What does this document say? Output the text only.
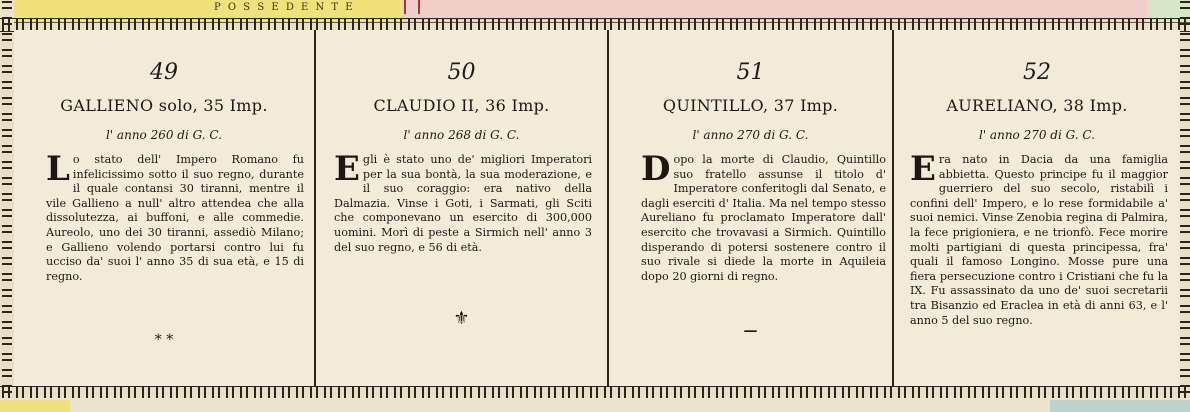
P O S S E D E N T E
49
GALLIENO solo, 35 Imp.
l' anno 260 di G. C.

Lo stato dell' Impero Romano fu infelicissimo sotto il suo regno, durante il quale contansi 30 tiranni, mentre il vile Gallieno a null' altro attendea che alla dissolutezza, ai buffoni, e alle commedie. Aureolo, uno dei 30 tiranni, assediò Milano; e Gallieno volendo portarsi contro lui fu ucciso da' suoi l' anno 35 di sua età, e 15 di regno.

* *
50
CLAUDIO II, 36 Imp.
l' anno 268 di G. C.

Egli è stato uno de' migliori Imperatori per la sua bontà, la sua moderazione, e il suo coraggio: era nativo della Dalmazia. Vinse i Goti, i Sarmati, gli Sciti che componevano un esercito di 300,000 uomini. Morì di peste a Sirmich nell' anno 3 del suo regno, e 56 di età.

⚜
51
QUINTILLO, 37 Imp.
l' anno 270 di G. C.

Dopo la morte di Claudio, Quintillo suo fratello assunse il titolo d' Imperatore conferitogli dal Senato, e dagli eserciti d' Italia. Ma nel tempo stesso Aureliano fu proclamato Imperatore dall' esercito che trovavasi a Sirmich. Quintillo disperando di potersi sostenere contro il suo rivale si diede la morte in Aquileia dopo 20 giorni di regno.

—
52
AURELIANO, 38 Imp.
l' anno 270 di G. C.

Era nato in Dacia da una famiglia abbietta. Questo principe fu il maggior guerriero del suo secolo, ristabilì i confini dell' Impero, e lo rese formidabile a' suoi nemici. Vinse Zenobia regina di Palmira, la fece prigioniera, e ne trionfò. Fece morire molti partigiani di questa principessa, fra' quali il famoso Longino. Mosse pure una fiera persecuzione contro i Cristiani che fu la IX. Fu assassinato da uno de' suoi secretarii tra Bisanzio ed Eraclea in età di anni 63, e l' anno 5 del suo regno.
